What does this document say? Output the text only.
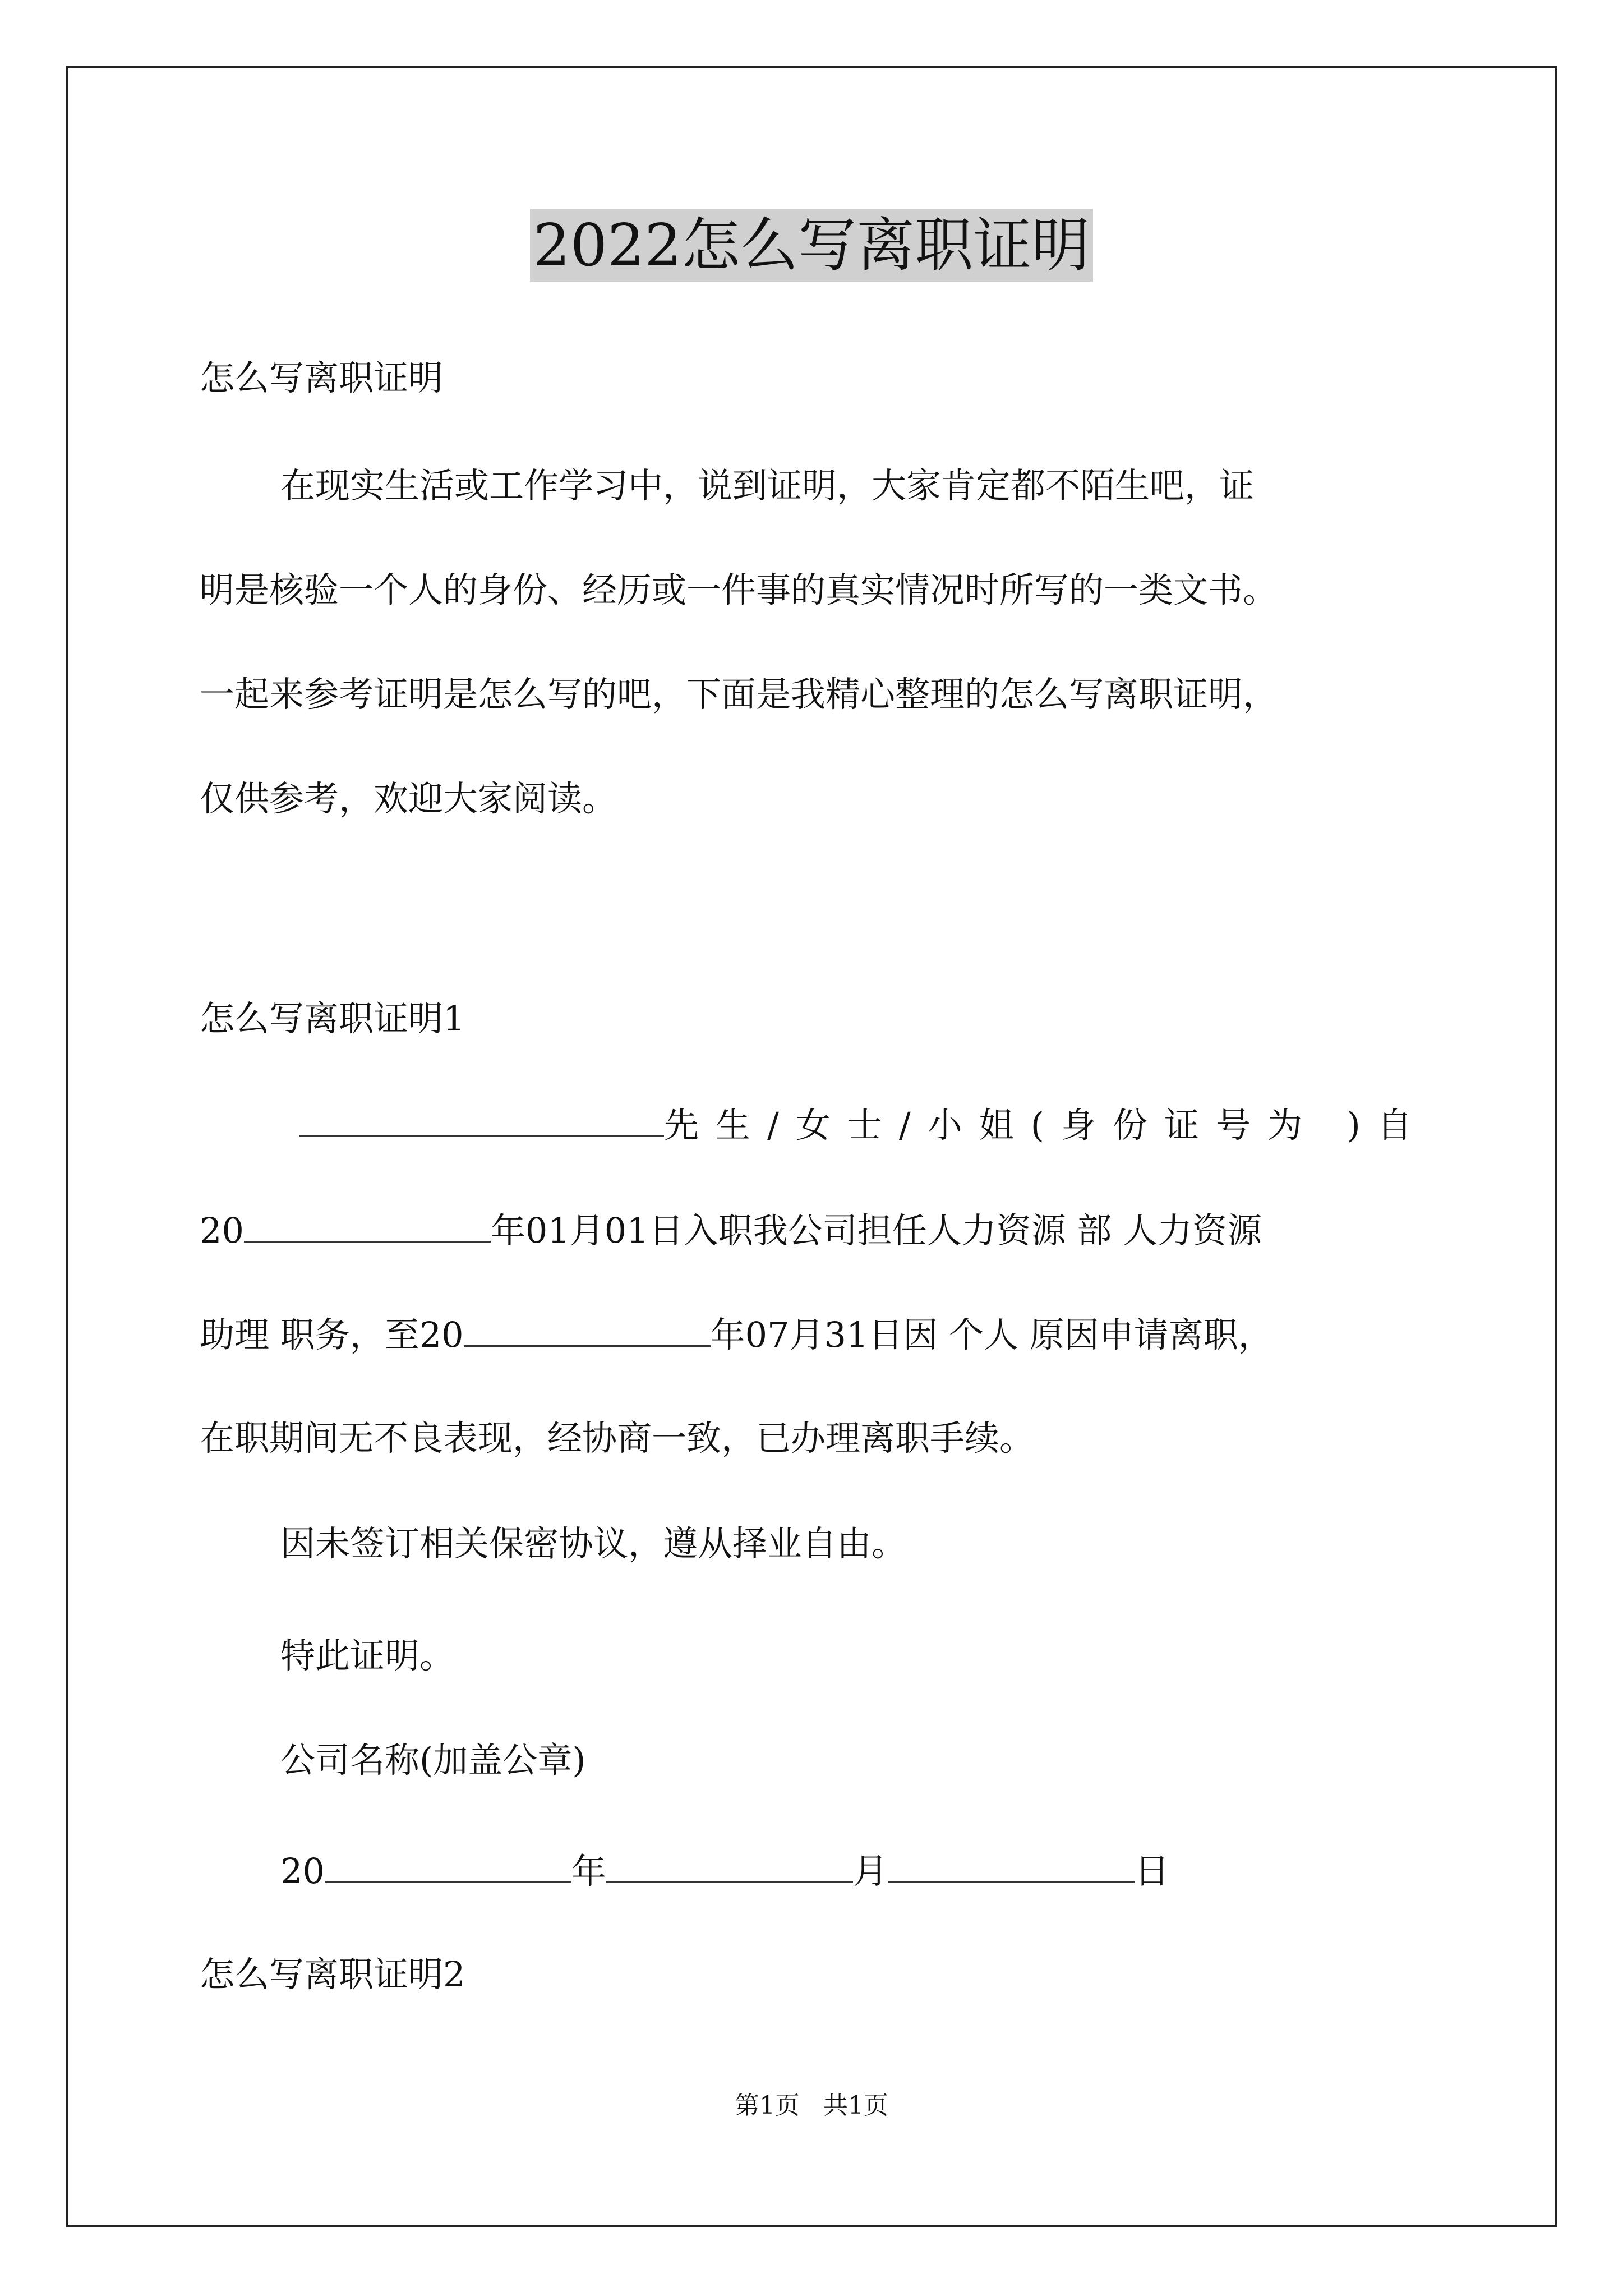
2022怎么写离职证明
怎么写离职证明
在现实生活或工作学习中，说到证明，大家肯定都不陌生吧，证
明是核验一个人的身份、经历或一件事的真实情况时所写的一类文书。
一起来参考证明是怎么写的吧，下面是我精心整理的怎么写离职证明，
仅供参考，欢迎大家阅读。
怎么写离职证明1
先生/女士/小姐(身份证号为 )自
20	年01月01日入职我公司担任人力资源 部 人力资源
助理 职务，至20	年07月31日因 个人 原因申请离职，
在职期间无不良表现，经协商一致，已办理离职手续。
因未签订相关保密协议，遵从择业自由。
特此证明。
公司名称(加盖公章)
20	年	月	日
怎么写离职证明2
第1页   共1页
